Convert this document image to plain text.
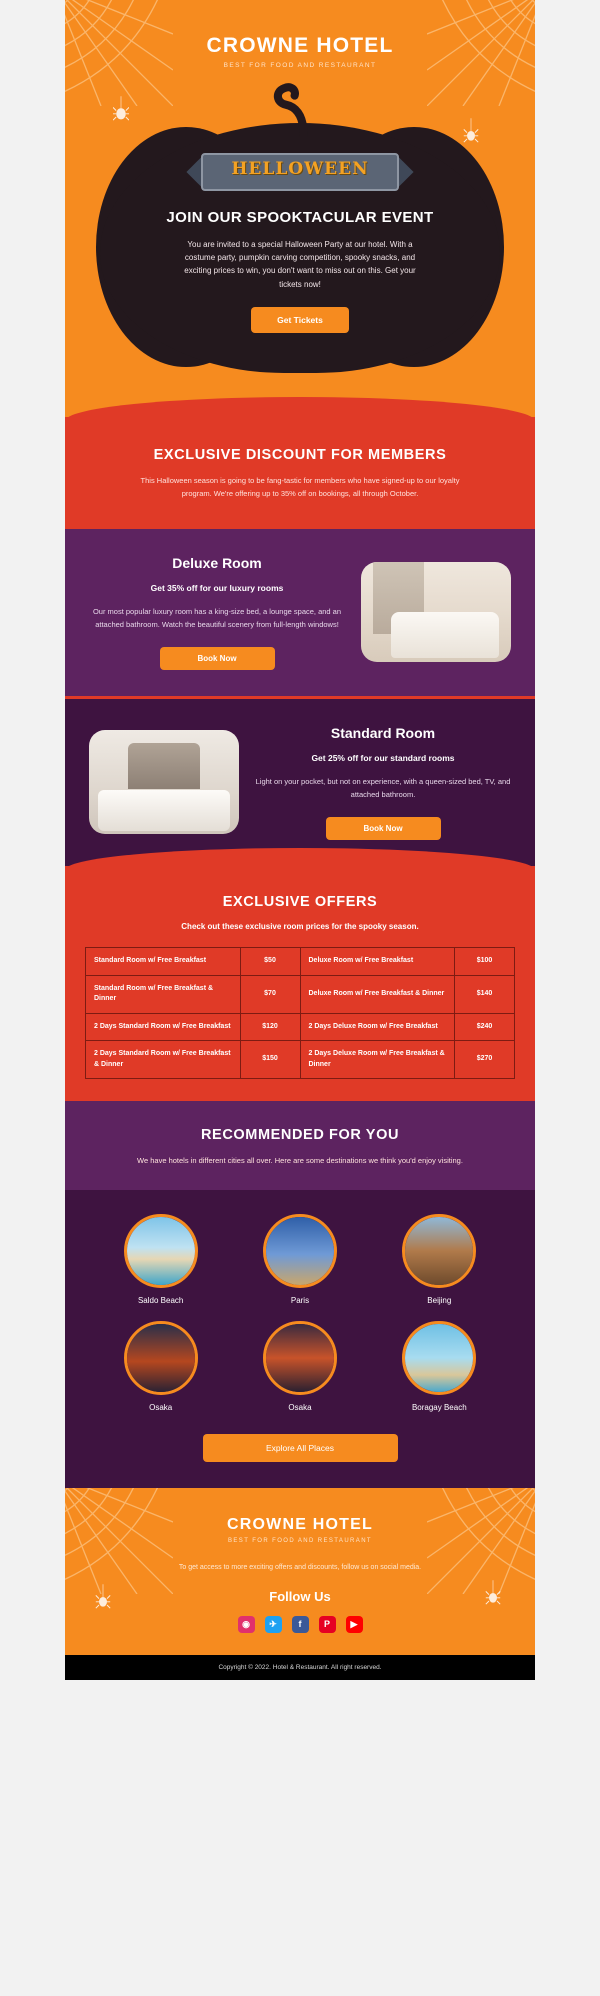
CROWNE HOTEL
BEST FOR FOOD AND RESTAURANT
HELLOWEEN
JOIN OUR SPOOKTACULAR EVENT
You are invited to a special Halloween Party at our hotel. With a costume party, pumpkin carving competition, spooky snacks, and exciting prices to win, you don't want to miss out on this. Get your tickets now!
Get Tickets
EXCLUSIVE DISCOUNT FOR MEMBERS
This Halloween season is going to be fang-tastic for members who have signed-up to our loyalty program. We're offering up to 35% off on bookings, all through October.
Deluxe Room
Get 35% off for our luxury rooms
Our most popular luxury room has a king-size bed, a lounge space, and an attached bathroom. Watch the beautiful scenery from full-length windows!
Book Now
Standard Room
Get 25% off for our standard rooms
Light on your pocket, but not on experience, with a queen-sized bed, TV, and attached bathroom.
Book Now
EXCLUSIVE OFFERS
Check out these exclusive room prices for the spooky season.
Standard Room w/ Free Breakfast	$50	Deluxe Room w/ Free Breakfast	$100
Standard Room w/ Free Breakfast & Dinner	$70	Deluxe Room w/ Free Breakfast & Dinner	$140
2 Days Standard Room w/ Free Breakfast	$120	2 Days Deluxe Room w/ Free Breakfast	$240
2 Days Standard Room w/ Free Breakfast & Dinner	$150	2 Days Deluxe Room w/ Free Breakfast & Dinner	$270
RECOMMENDED FOR YOU
We have hotels in different cities all over. Here are some destinations we think you'd enjoy visiting.
Saldo Beach	Paris	Beijing
Osaka	Osaka	Boragay Beach
Explore All Places
CROWNE HOTEL
BEST FOR FOOD AND RESTAURANT
To get access to more exciting offers and discounts, follow us on social media.
Follow Us
◉	✈	f	P	▶
Copyright © 2022. Hotel & Restaurant. All right reserved.
